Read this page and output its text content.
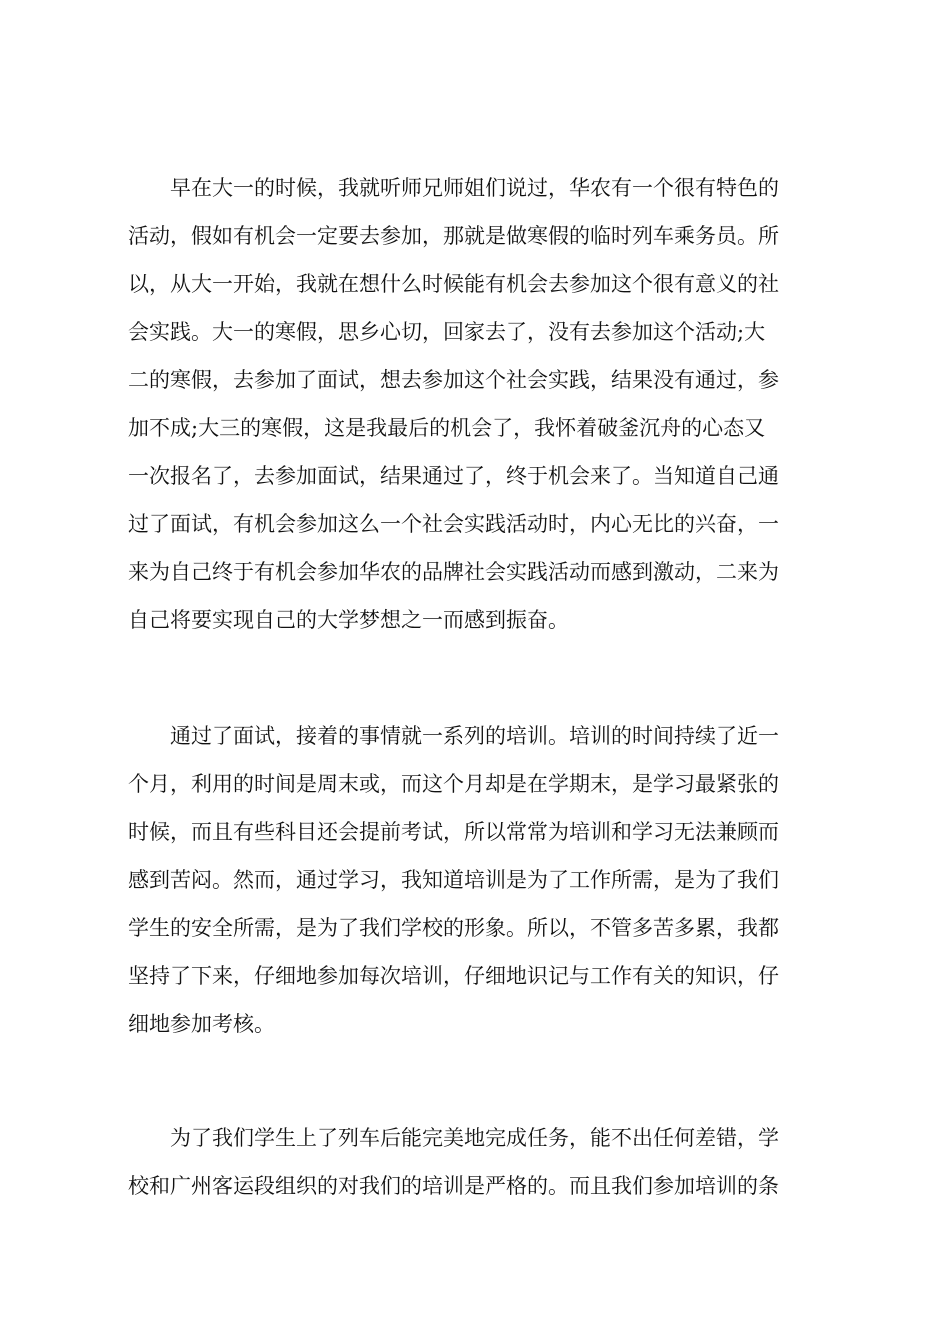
早在大一的时候，我就听师兄师姐们说过，华农有一个很有特色的
活动，假如有机会一定要去参加，那就是做寒假的临时列车乘务员。所
以，从大一开始，我就在想什么时候能有机会去参加这个很有意义的社
会实践。大一的寒假，思乡心切，回家去了，没有去参加这个活动;大
二的寒假，去参加了面试，想去参加这个社会实践，结果没有通过，参
加不成;大三的寒假，这是我最后的机会了，我怀着破釜沉舟的心态又
一次报名了，去参加面试，结果通过了，终于机会来了。当知道自己通
过了面试，有机会参加这么一个社会实践活动时，内心无比的兴奋，一
来为自己终于有机会参加华农的品牌社会实践活动而感到激动，二来为
自己将要实现自己的大学梦想之一而感到振奋。
通过了面试，接着的事情就一系列的培训。培训的时间持续了近一
个月，利用的时间是周末或，而这个月却是在学期末，是学习最紧张的
时候，而且有些科目还会提前考试，所以常常为培训和学习无法兼顾而
感到苦闷。然而，通过学习，我知道培训是为了工作所需，是为了我们
学生的安全所需，是为了我们学校的形象。所以，不管多苦多累，我都
坚持了下来，仔细地参加每次培训，仔细地识记与工作有关的知识，仔
细地参加考核。
为了我们学生上了列车后能完美地完成任务，能不出任何差错，学
校和广州客运段组织的对我们的培训是严格的。而且我们参加培训的条
